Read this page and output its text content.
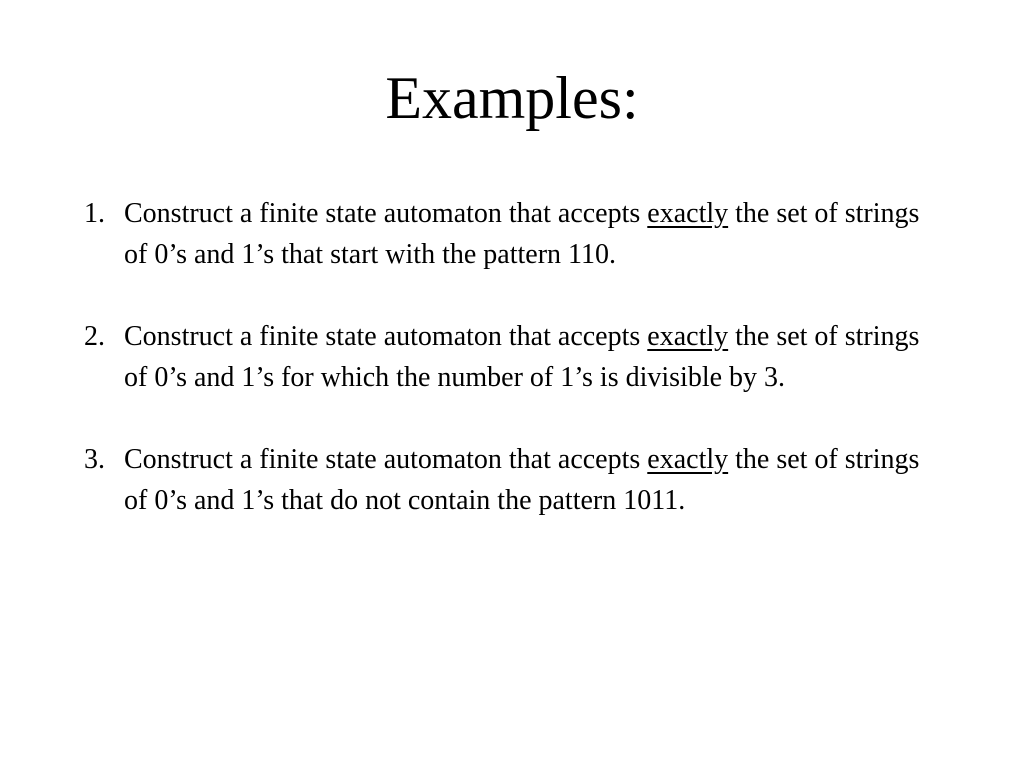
Examples:
1. Construct a finite state automaton that accepts exactly the set of strings of 0’s and 1’s that start with the pattern 110.
2. Construct a finite state automaton that accepts exactly the set of strings of 0’s and 1’s for which the number of 1’s is divisible by 3.
3. Construct a finite state automaton that accepts exactly the set of strings of 0’s and 1’s that do not contain the pattern 1011.
